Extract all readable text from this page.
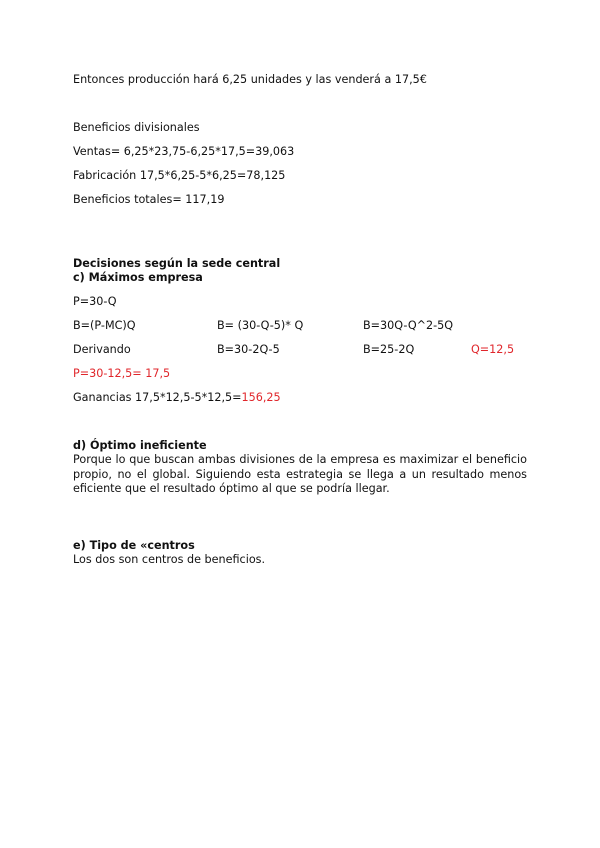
Entonces producción hará 6,25 unidades y las venderá a 17,5€
Beneficios divisionales
Ventas= 6,25*23,75-6,25*17,5=39,063
Fabricación 17,5*6,25-5*6,25=78,125
Beneficios totales= 117,19
Decisiones según la sede central
c) Máximos empresa
P=30-Q
B=(P-MC)Q	B= (30-Q-5)* Q	B=30Q-Q^2-5Q
Derivando	B=30-2Q-5	B=25-2Q	Q=12,5
P=30-12,5= 17,5
Ganancias 17,5*12,5-5*12,5=156,25
d) Óptimo ineficiente
Porque lo que buscan ambas divisiones de la empresa es maximizar el beneficio propio, no el global. Siguiendo esta estrategia se llega a un resultado menos eficiente que el resultado óptimo al que se podría llegar.
e) Tipo de «centros
Los dos son centros de beneficios.
